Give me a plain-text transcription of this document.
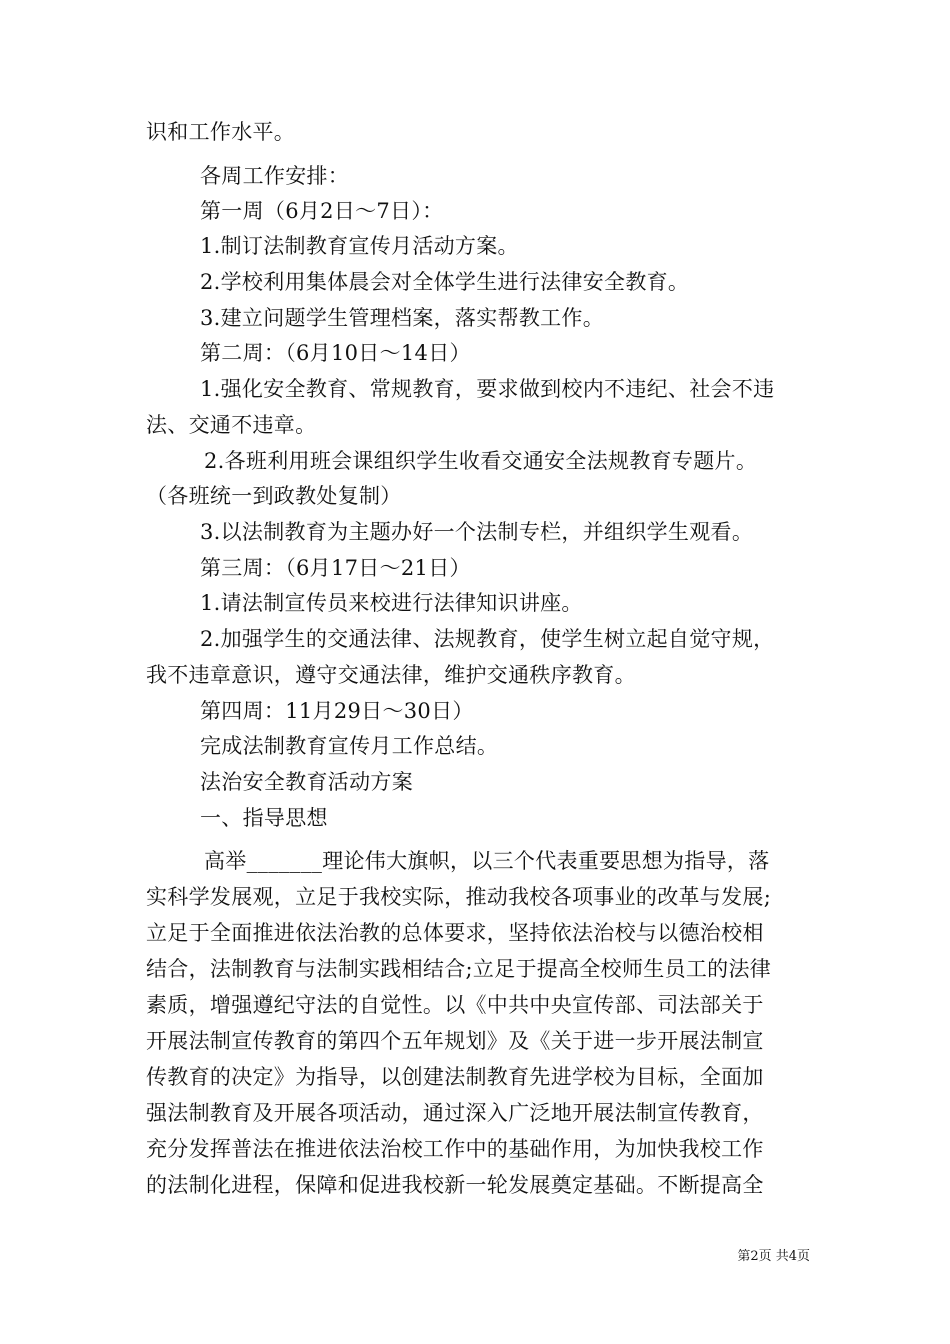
识和工作水平。
各周工作安排：
第一周（6月2日～7日）：
1.制订法制教育宣传月活动方案。
2.学校利用集体晨会对全体学生进行法律安全教育。
3.建立问题学生管理档案，落实帮教工作。
第二周：（6月10日～14日）
1.强化安全教育、常规教育，要求做到校内不违纪、社会不违
法、交通不违章。
2.各班利用班会课组织学生收看交通安全法规教育专题片。
（各班统一到政教处复制）
3.以法制教育为主题办好一个法制专栏，并组织学生观看。
第三周：（6月17日～21日）
1.请法制宣传员来校进行法律知识讲座。
2.加强学生的交通法律、法规教育，使学生树立起自觉守规，
我不违章意识，遵守交通法律，维护交通秩序教育。
第四周：11月29日～30日）
完成法制教育宣传月工作总结。
法治安全教育活动方案
一、指导思想
高举_______理论伟大旗帜，以三个代表重要思想为指导，落
实科学发展观，立足于我校实际，推动我校各项事业的改革与发展;
立足于全面推进依法治教的总体要求，坚持依法治校与以德治校相
结合，法制教育与法制实践相结合;立足于提高全校师生员工的法律
素质，增强遵纪守法的自觉性。以《中共中央宣传部、司法部关于
开展法制宣传教育的第四个五年规划》及《关于进一步开展法制宣
传教育的决定》为指导，以创建法制教育先进学校为目标，全面加
强法制教育及开展各项活动，通过深入广泛地开展法制宣传教育，
充分发挥普法在推进依法治校工作中的基础作用，为加快我校工作
的法制化进程，保障和促进我校新一轮发展奠定基础。不断提高全
第2页 共4页
